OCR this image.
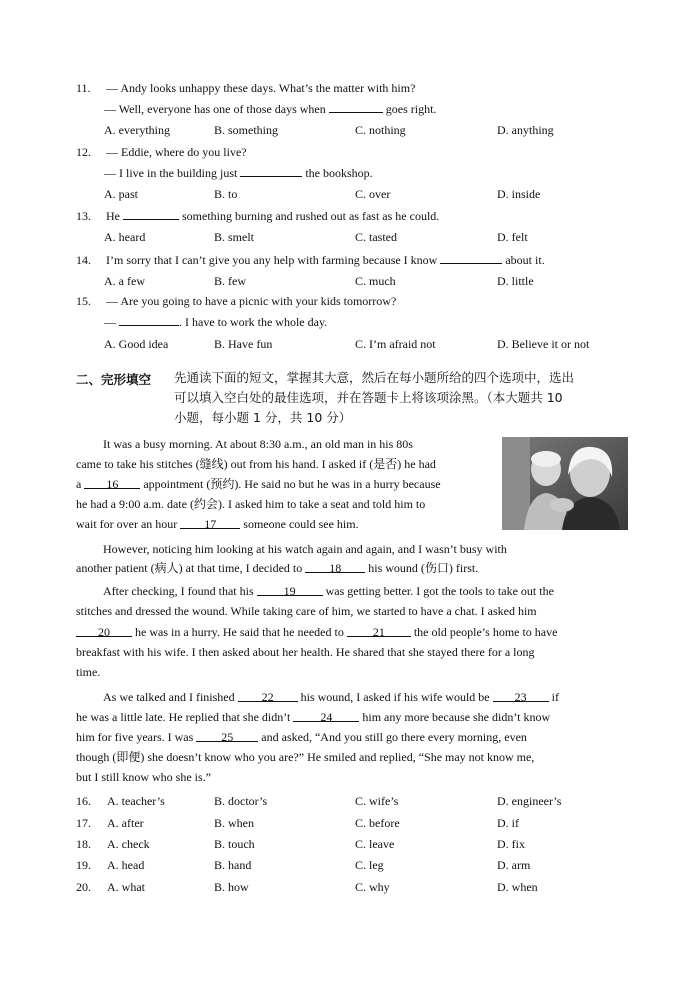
11. — Andy looks unhappy these days. What’s the matter with him?
— Well, everyone has one of those days when	goes right.
A. everything	B. something	C. nothing	D. anything
12. — Eddie, where do you live?
— I live in the building just	the bookshop.
A. past	B. to	C. over	D. inside
13. He	something burning and rushed out as fast as he could.
A. heard	B. smelt	C. tasted	D. felt
14. I’m sorry that I can’t give you any help with farming because I know	about it.
A. a few	B. few	C. much	D. little
15. — Are you going to have a picnic with your kids tomorrow?
—	. I have to work the whole day.
A. Good idea	B. Have fun	C. I’m afraid not	D. Believe it or not
二、完形填空 先通读下面的短文，掌握其大意，然后在每小题所给的四个选项中，选出
可以填入空白处的最佳选项，并在答题卡上将该项涂黑。（本大题共 10
小题，每小题 1 分，共 10 分）
It was a busy morning. At about 8:30 a.m., an old man in his 80s
came to take his stitches (缝线) out from his hand. I asked if (是否) he had
a 16 appointment (预约). He said no but he was in a hurry because
he had a 9:00 a.m. date (约会). I asked him to take a seat and told him to
wait for over an hour 17 someone could see him.
However, noticing him looking at his watch again and again, and I wasn’t busy with
another patient (病人) at that time, I decided to 18 his wound (伤口) first.
After checking, I found that his	19	was getting better. I got the tools to take out the
stitches and dressed the wound. While taking care of him, we started to have a chat. I asked him
20 he was in a hurry. He said that he needed to 21 the old people’s home to have
breakfast with his wife. I then asked about her health. He shared that she stayed there for a long
time.
As we talked and I finished 22 his wound, I asked if his wife would be 23 if
he was a little late. He replied that she didn’t	24	him any more because she didn’t know
him for five years. I was 25 and asked, “And you still go there every morning, even
though (即便) she doesn’t know who you are?” He smiled and replied, “She may not know me,
but I still know who she is.”
16. A. teacher’s	B. doctor’s	C. wife’s	D. engineer’s
17. A. after	B. when	C. before	D. if
18. A. check	B. touch	C. leave	D. fix
19. A. head	B. hand	C. leg	D. arm
20. A. what	B. how	C. why	D. when
